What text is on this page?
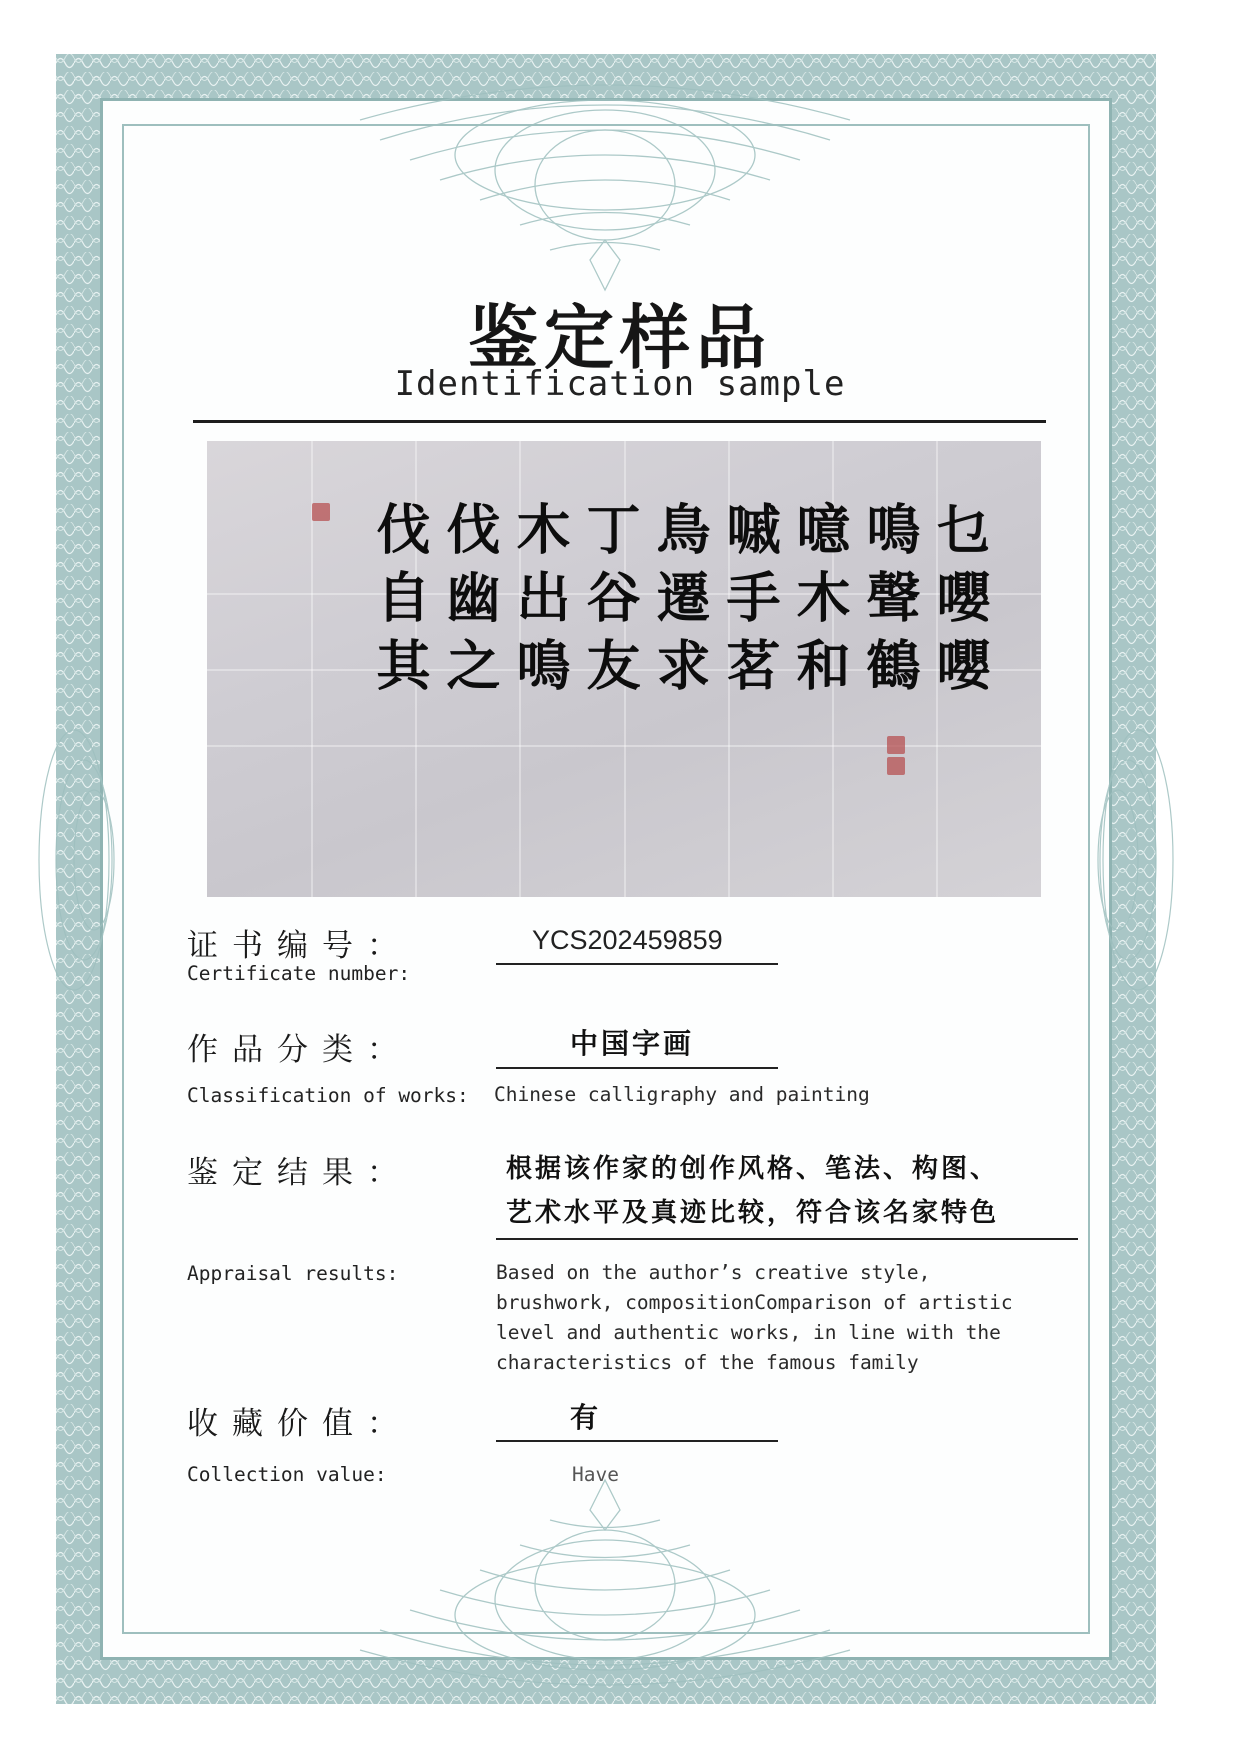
鉴定样品
Identification sample
乜嚶嚶
鳴聲鶴
噫木和
嘁手茗
鳥遷求
丁谷友
木出鳴
伐幽之
伐自其
证书编号：
Certificate number:
YCS202459859
作品分类：	中国字画
Classification of works: Chinese calligraphy and painting
鉴定结果：	根据该作家的创作风格、笔法、构图、
艺术水平及真迹比较，符合该名家特色
Appraisal results:	Based on the author’s creative style,
brushwork, compositionComparison of artistic
level and authentic works, in line with the
characteristics of the famous family
收藏价值：	有
Collection value:	Have
